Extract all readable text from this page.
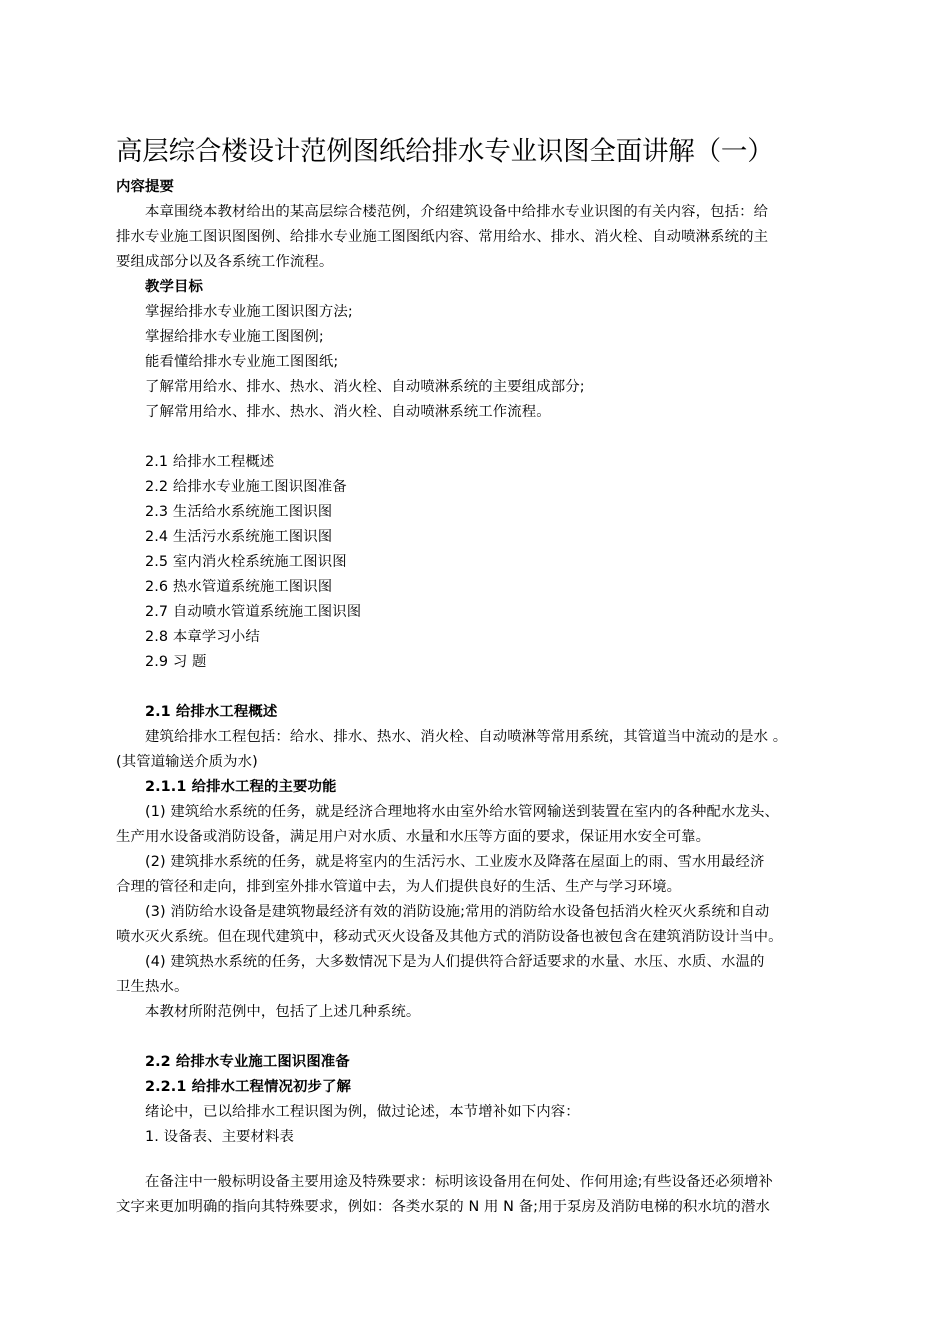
高层综合楼设计范例图纸给排水专业识图全面讲解（一）
内容提要
本章围绕本教材给出的某高层综合楼范例，介绍建筑设备中给排水专业识图的有关内容，包括：给
排水专业施工图识图图例、给排水专业施工图图纸内容、常用给水、排水、消火栓、自动喷淋系统的主
要组成部分以及各系统工作流程。
教学目标
掌握给排水专业施工图识图方法;
掌握给排水专业施工图图例;
能看懂给排水专业施工图图纸;
了解常用给水、排水、热水、消火栓、自动喷淋系统的主要组成部分;
了解常用给水、排水、热水、消火栓、自动喷淋系统工作流程。
2.1 给排水工程概述
2.2 给排水专业施工图识图准备
2.3 生活给水系统施工图识图
2.4 生活污水系统施工图识图
2.5 室内消火栓系统施工图识图
2.6 热水管道系统施工图识图
2.7 自动喷水管道系统施工图识图
2.8 本章学习小结
2.9 习 题
2.1 给排水工程概述
建筑给排水工程包括：给水、排水、热水、消火栓、自动喷淋等常用系统，其管道当中流动的是水 。
(其管道输送介质为水)
2.1.1 给排水工程的主要功能
(1) 建筑给水系统的任务，就是经济合理地将水由室外给水管网输送到装置在室内的各种配水龙头、
生产用水设备或消防设备，满足用户对水质、水量和水压等方面的要求，保证用水安全可靠。
(2) 建筑排水系统的任务，就是将室内的生活污水、工业废水及降落在屋面上的雨、雪水用最经济
合理的管径和走向，排到室外排水管道中去，为人们提供良好的生活、生产与学习环境。
(3) 消防给水设备是建筑物最经济有效的消防设施;常用的消防给水设备包括消火栓灭火系统和自动
喷水灭火系统。但在现代建筑中，移动式灭火设备及其他方式的消防设备也被包含在建筑消防设计当中。
(4) 建筑热水系统的任务，大多数情况下是为人们提供符合舒适要求的水量、水压、水质、水温的
卫生热水。
本教材所附范例中，包括了上述几种系统。
2.2 给排水专业施工图识图准备
2.2.1 给排水工程情况初步了解
绪论中，已以给排水工程识图为例，做过论述，本节增补如下内容：
1. 设备表、主要材料表
在备注中一般标明设备主要用途及特殊要求：标明该设备用在何处、作何用途;有些设备还必须增补
文字来更加明确的指向其特殊要求，例如：各类水泵的 N 用 N 备;用于泵房及消防电梯的积水坑的潜水
